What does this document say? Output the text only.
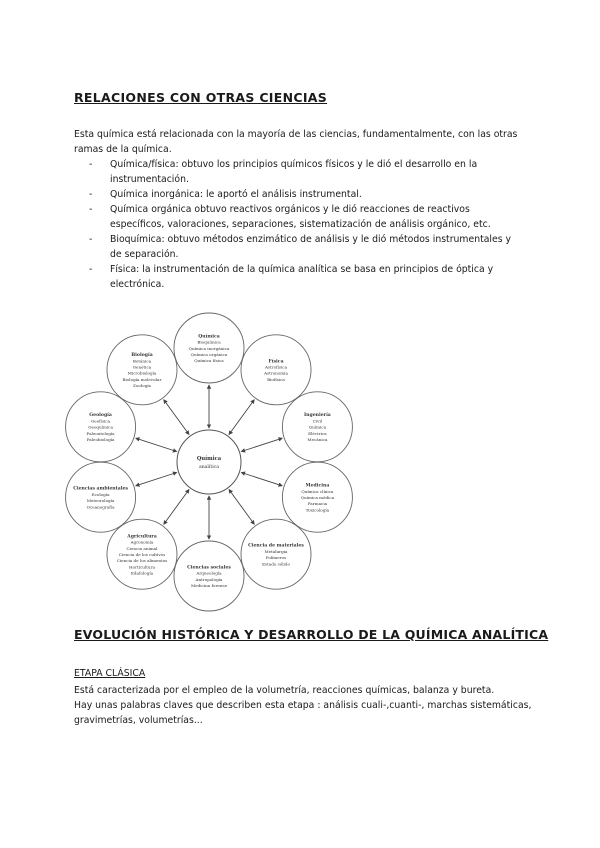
RELACIONES CON OTRAS CIENCIAS
Esta química está relacionada con la mayoría de las ciencias, fundamentalmente, con las otras ramas de la química.
- Química/física: obtuvo los principios químicos físicos y le dió el desarrollo en la instrumentación.
- Química inorgánica: le aportó el análisis instrumental.
- Química orgánica obtuvo reactivos orgánicos y le dió reacciones de reactivos específicos, valoraciones, separaciones, sistematización de análisis orgánico, etc.
- Bioquímica: obtuvo métodos enzimático de análisis y le dió métodos instrumentales y de separación.
- Física: la instrumentación de la química analítica se basa en principios de óptica y electrónica.
Química
Bioquímica
Química inorgánica
Química orgánica
Química física	Física
Astrofísica
Astronomía
Biofísica
Ingeniería
Civil
Química
Eléctrica
Mecánica
Medicina
Química clínica
Química médica
Farmacia
Toxicología
Ciencia de materiales
Metalurgia
Polímeros
Estado sólido
Ciencias sociales
Arqueología
Antropología
Medicina forense
Agricultura
Agronomía
Ciencia animal
Ciencia de los cultivos
Ciencia de los alimentos
Horticultura
Edafología
Ciencias ambientales
Ecología
Meteorología
Oceanografía
Geología
Geofísica
Geoquímica
Paleontología
Paleobiología
Biología
Botánica
Genética
Microbiología
Biología molecular
Zoología
Química
analítica
EVOLUCIÓN HISTÓRICA Y DESARROLLO DE LA QUÍMICA ANALÍTICA
ETAPA CLÁSICA
Está caracterizada por el empleo de la volumetría, reacciones químicas, balanza y bureta.
Hay unas palabras claves que describen esta etapa : análisis cuali-,cuanti-, marchas sistemáticas, gravimetrías, volumetrías...
